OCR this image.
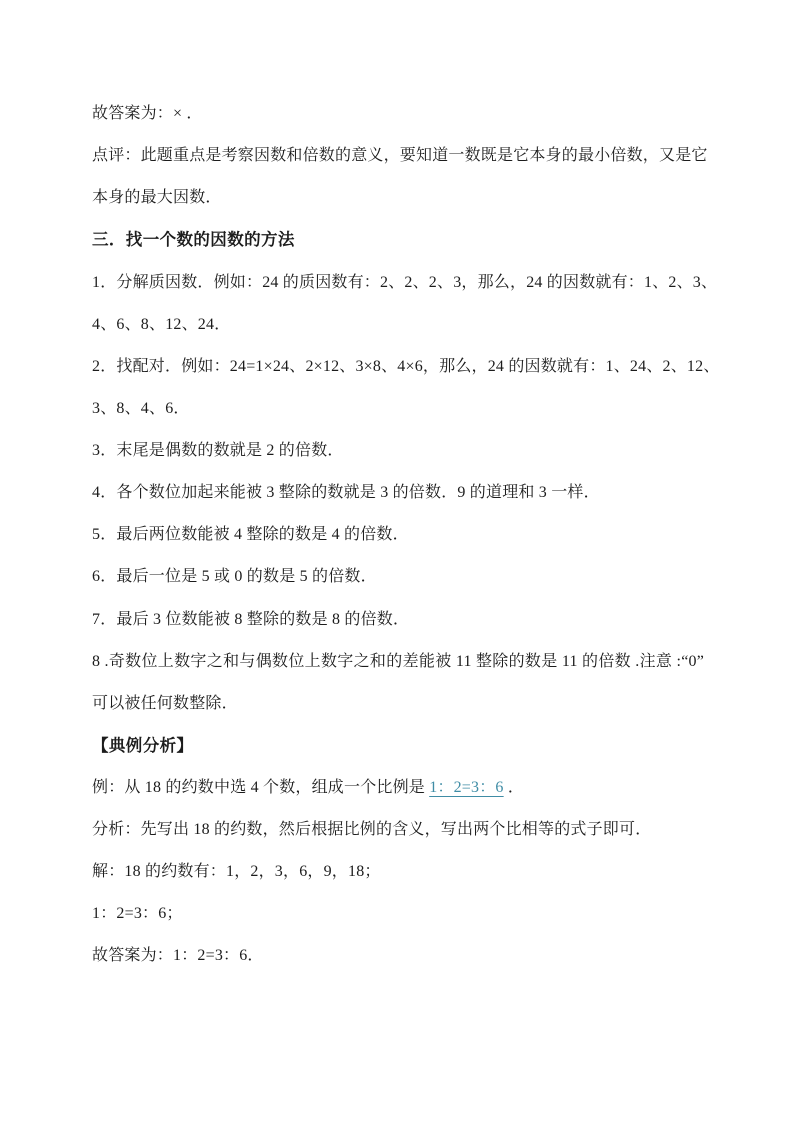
故答案为：× ．
点评：此题重点是考察因数和倍数的意义，要知道一数既是它本身的最小倍数，又是它
本身的最大因数．
三．找一个数的因数的方法
1．分解质因数．例如：24 的质因数有：2、2、2、3，那么，24 的因数就有：1、2、3、
4、6、8、12、24．
2．找配对．例如：24=1×24、2×12、3×8、4×6，那么，24 的因数就有：1、24、2、12、
3、8、4、6．
3．末尾是偶数的数就是 2 的倍数．
4．各个数位加起来能被 3 整除的数就是 3 的倍数．9 的道理和 3 一样．
5．最后两位数能被 4 整除的数是 4 的倍数．
6．最后一位是 5 或 0 的数是 5 的倍数．
7．最后 3 位数能被 8 整除的数是 8 的倍数．
8 .奇数位上数字之和与偶数位上数字之和的差能被 11 整除的数是 11 的倍数 .注意 :“0”
可以被任何数整除．
【典例分析】
例：从 18 的约数中选 4 个数，组成一个比例是 1：2=3：6 ．
分析：先写出 18 的约数，然后根据比例的含义，写出两个比相等的式子即可．
解：18 的约数有：1，2，3，6，9，18；
1：2=3：6；
故答案为：1：2=3：6．
